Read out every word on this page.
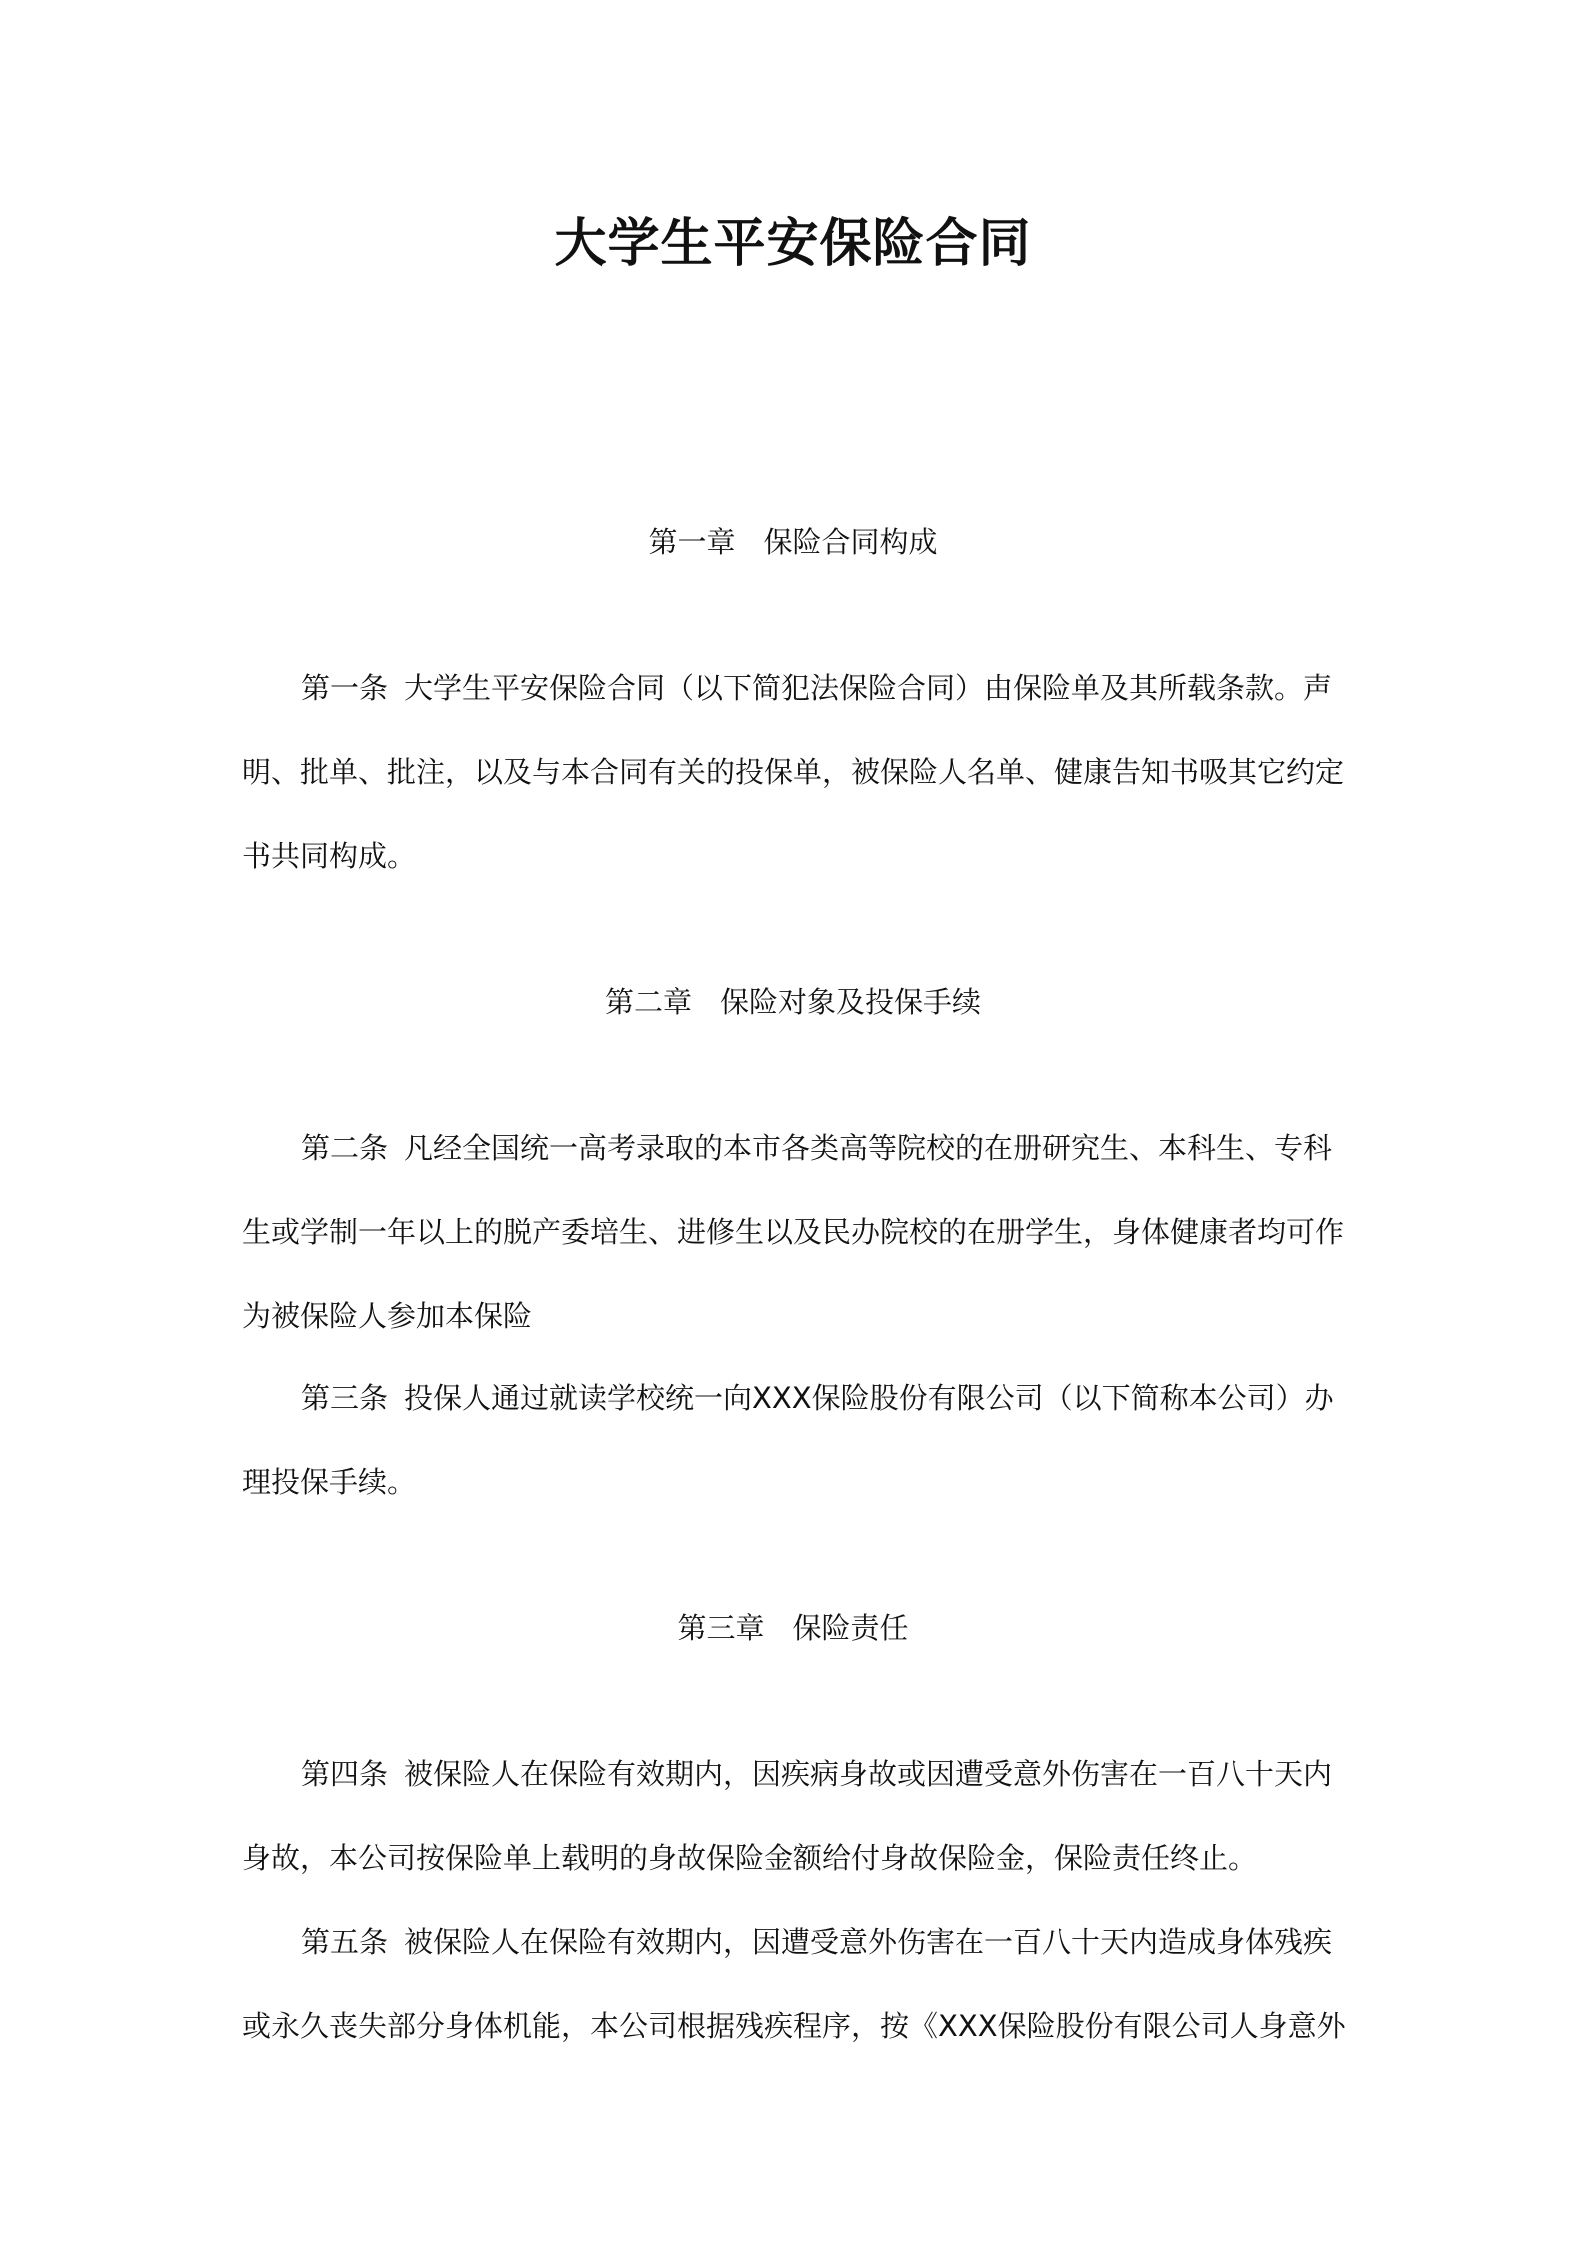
大学生平安保险合同

第一章 保险合同构成

第一条 大学生平安保险合同（以下简犯法保险合同）由保险单及其所载条款。声

明、批单、批注，以及与本合同有关的投保单，被保险人名单、健康告知书吸其它约定

书共同构成。

第二章 保险对象及投保手续

第二条 凡经全国统一高考录取的本市各类高等院校的在册研究生、本科生、专科

生或学制一年以上的脱产委培生、进修生以及民办院校的在册学生，身体健康者均可作

为被保险人参加本保险

第三条 投保人通过就读学校统一向XXX保险股份有限公司（以下简称本公司）办

理投保手续。

第三章 保险责任

第四条 被保险人在保险有效期内，因疾病身故或因遭受意外伤害在一百八十天内

身故，本公司按保险单上载明的身故保险金额给付身故保险金，保险责任终止。

第五条 被保险人在保险有效期内，因遭受意外伤害在一百八十天内造成身体残疾

或永久丧失部分身体机能，本公司根据残疾程序，按《XXX保险股份有限公司人身意外
